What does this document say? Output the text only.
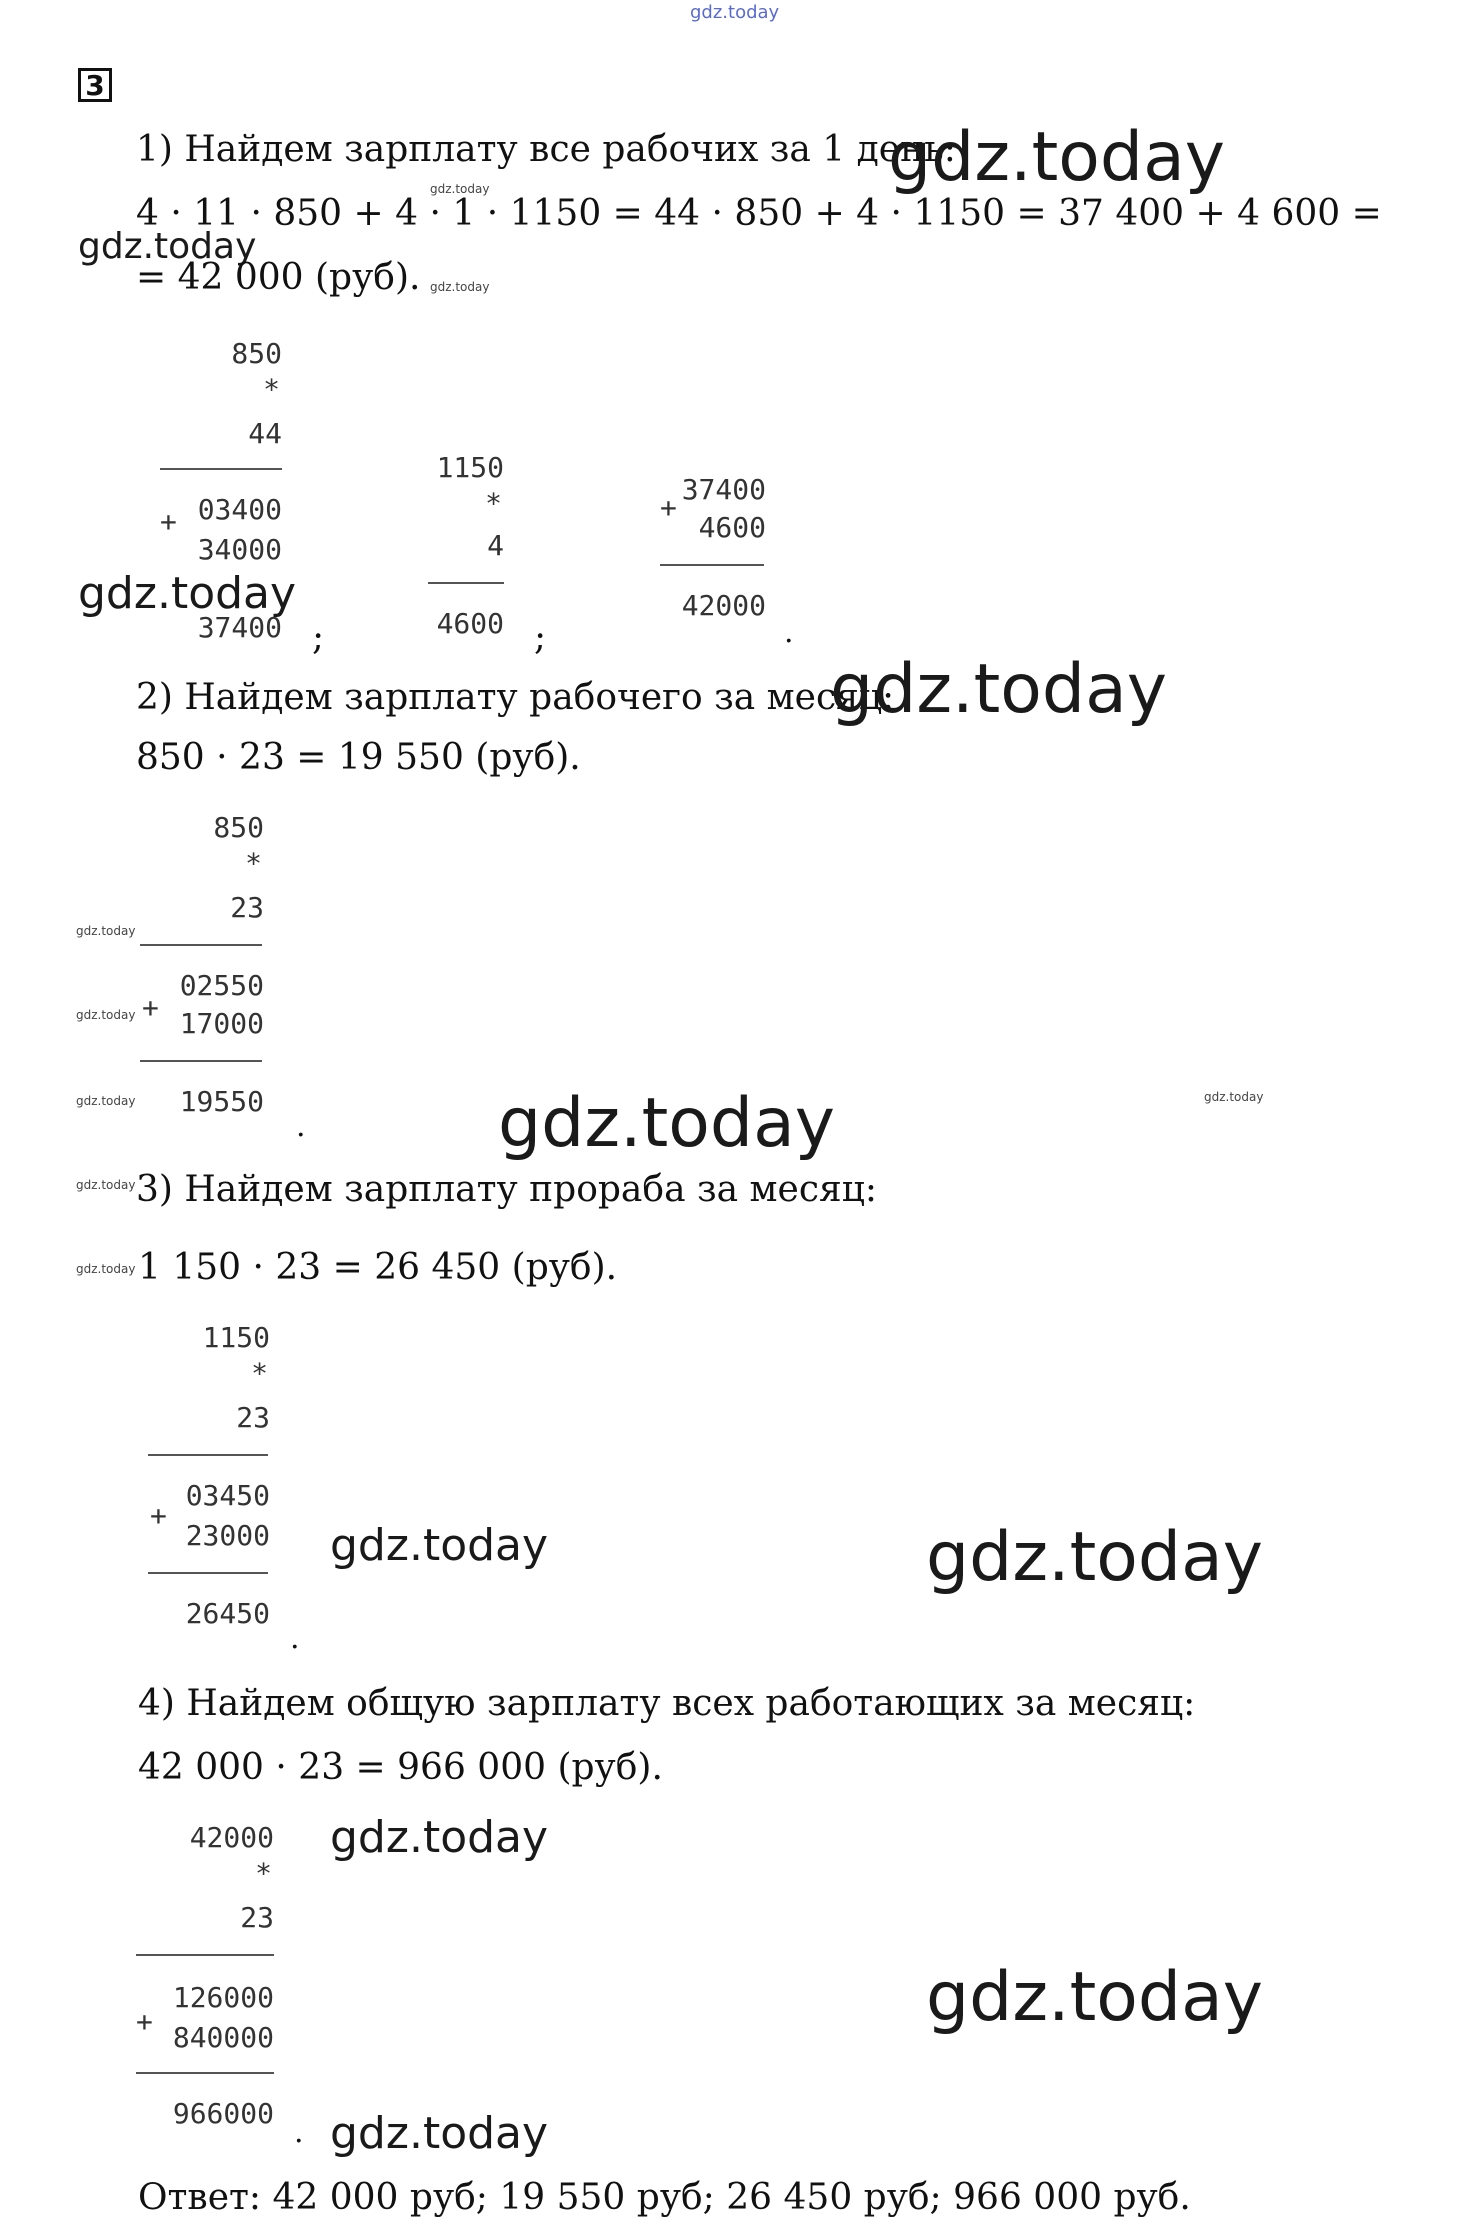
gdz.today
3
1) Найдем зарплату все рабочих за 1 день:
gdz.today
gdz.today
4 · 11 · 850 + 4 · 1 · 1150 = 44 · 850 + 4 · 1150 = 37 400 + 4 600 =
gdz.today
= 42 000 (руб). gdz.today
850
*
44
+ 03400
34000
gdz.today
37400 ;
1150
*
4
4600 ;
37400
+
4600
42000
.
2) Найдем зарплату рабочего за месяц:
gdz.today
850 · 23 = 19 550 (руб).
850
*
23
gdz.today
+
02550
gdz.today 17000
gdz.today 19550
.	gdz.today	gdz.today
gdz.today 3) Найдем зарплату прораба за месяц:
gdz.today 1 150 · 23 = 26 450 (руб).
1150
*
23
+
03450
23000
26450
.
gdz.today	gdz.today
4) Найдем общую зарплату всех работающих за месяц:
42 000 · 23 = 966 000 (руб).
42000
*
23
+
126000
840000
966000
.
gdz.today
gdz.today
gdz.today
Ответ: 42 000 руб; 19 550 руб; 26 450 руб; 966 000 руб.
